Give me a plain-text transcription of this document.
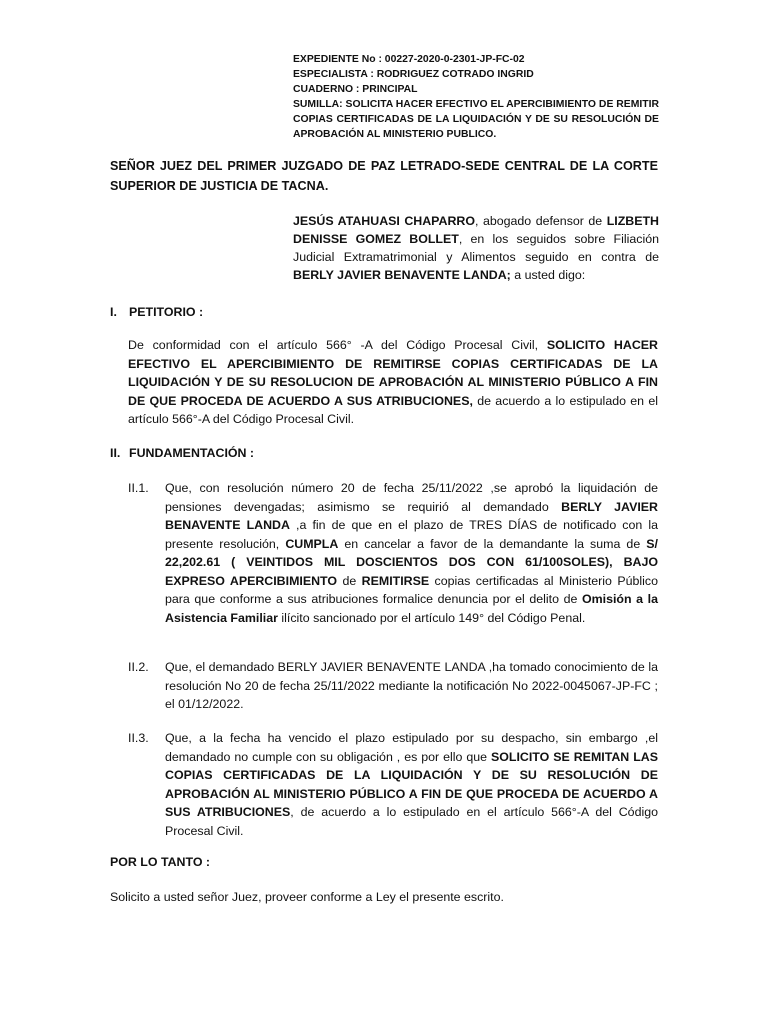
EXPEDIENTE No : 00227-2020-0-2301-JP-FC-02
ESPECIALISTA : RODRIGUEZ COTRADO INGRID
CUADERNO : PRINCIPAL
SUMILLA: SOLICITA HACER EFECTIVO EL APERCIBIMIENTO DE REMITIR COPIAS CERTIFICADAS DE LA LIQUIDACIÓN Y DE SU RESOLUCIÓN DE APROBACIÓN AL MINISTERIO PUBLICO.
SEÑOR JUEZ DEL PRIMER JUZGADO DE PAZ LETRADO-SEDE CENTRAL DE LA CORTE SUPERIOR DE JUSTICIA DE TACNA.
JESÚS ATAHUASI CHAPARRO, abogado defensor de LIZBETH DENISSE GOMEZ BOLLET, en los seguidos sobre Filiación Judicial Extramatrimonial y Alimentos seguido en contra de BERLY JAVIER BENAVENTE LANDA; a usted digo:
I. PETITORIO :
De conformidad con el artículo 566° -A del Código Procesal Civil, SOLICITO HACER EFECTIVO EL APERCIBIMIENTO DE REMITIRSE COPIAS CERTIFICADAS DE LA LIQUIDACIÓN Y DE SU RESOLUCION DE APROBACIÓN AL MINISTERIO PÚBLICO A FIN DE QUE PROCEDA DE ACUERDO A SUS ATRIBUCIONES, de acuerdo a lo estipulado en el artículo 566°-A del Código Procesal Civil.
II. FUNDAMENTACIÓN :
II.1. Que, con resolución número 20 de fecha 25/11/2022 ,se aprobó la liquidación de pensiones devengadas; asimismo se requirió al demandado BERLY JAVIER BENAVENTE LANDA ,a fin de que en el plazo de TRES DÍAS de notificado con la presente resolución, CUMPLA en cancelar a favor de la demandante la suma de S/ 22,202.61 ( VEINTIDOS MIL DOSCIENTOS DOS CON 61/100SOLES), BAJO EXPRESO APERCIBIMIENTO de REMITIRSE copias certificadas al Ministerio Público para que conforme a sus atribuciones formalice denuncia por el delito de Omisión a la Asistencia Familiar ilícito sancionado por el artículo 149° del Código Penal.
II.2. Que, el demandado BERLY JAVIER BENAVENTE LANDA ,ha tomado conocimiento de la resolución No 20 de fecha 25/11/2022 mediante la notificación No 2022-0045067-JP-FC ; el 01/12/2022.
II.3. Que, a la fecha ha vencido el plazo estipulado por su despacho, sin embargo ,el demandado no cumple con su obligación , es por ello que SOLICITO SE REMITAN LAS COPIAS CERTIFICADAS DE LA LIQUIDACIÓN Y DE SU RESOLUCIÓN DE APROBACIÓN AL MINISTERIO PÚBLICO A FIN DE QUE PROCEDA DE ACUERDO A SUS ATRIBUCIONES, de acuerdo a lo estipulado en el artículo 566°-A del Código Procesal Civil.
POR LO TANTO :
Solicito a usted señor Juez, proveer conforme a Ley el presente escrito.
